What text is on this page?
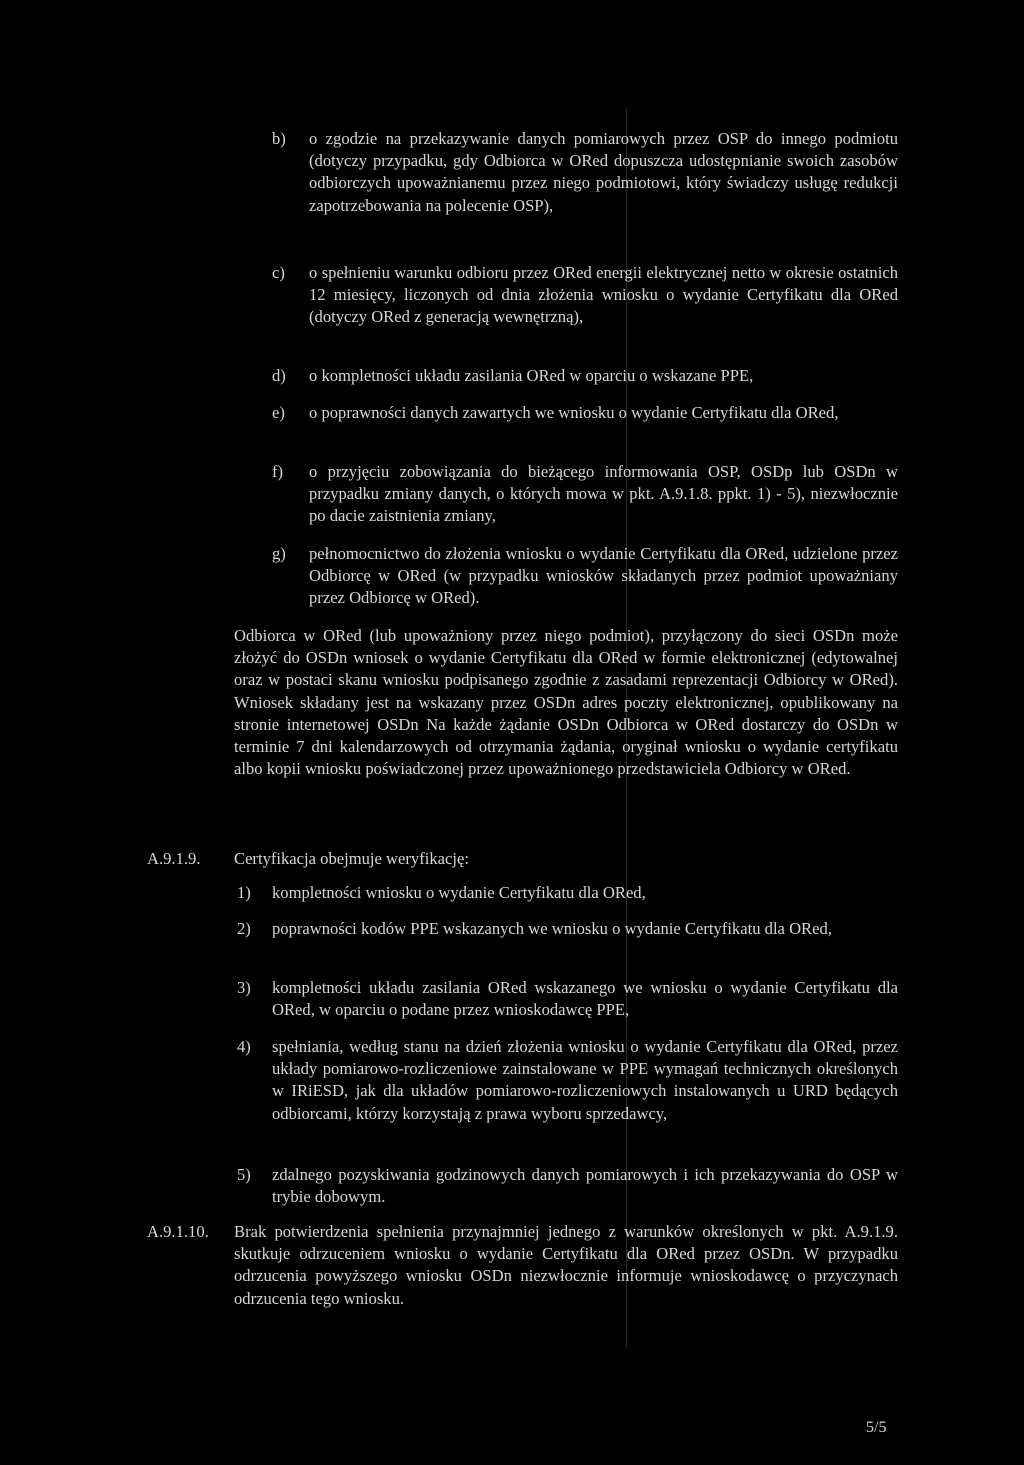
b) o zgodzie na przekazywanie danych pomiarowych przez OSP do innego podmiotu (dotyczy przypadku, gdy Odbiorca w ORed dopuszcza udostępnianie swoich zasobów odbiorczych upoważnianemu przez niego podmiotowi, który świadczy usługę redukcji zapotrzebowania na polecenie OSP),
c) o spełnieniu warunku odbioru przez ORed energii elektrycznej netto w okresie ostatnich 12 miesięcy, liczonych od dnia złożenia wniosku o wydanie Certyfikatu dla ORed (dotyczy ORed z generacją wewnętrzną),
d) o kompletności układu zasilania ORed w oparciu o wskazane PPE,
e) o poprawności danych zawartych we wniosku o wydanie Certyfikatu dla ORed,
f) o przyjęciu zobowiązania do bieżącego informowania OSP, OSDp lub OSDn w przypadku zmiany danych, o których mowa w pkt. A.9.1.8. ppkt. 1) - 5), niezwłocznie po dacie zaistnienia zmiany,
g) pełnomocnictwo do złożenia wniosku o wydanie Certyfikatu dla ORed, udzielone przez Odbiorcę w ORed (w przypadku wniosków składanych przez podmiot upoważniany przez Odbiorcę w ORed).
Odbiorca w ORed (lub upoważniony przez niego podmiot), przyłączony do sieci OSDn może złożyć do OSDn wniosek o wydanie Certyfikatu dla ORed w formie elektronicznej (edytowalnej oraz w postaci skanu wniosku podpisanego zgodnie z zasadami reprezentacji Odbiorcy w ORed). Wniosek składany jest na wskazany przez OSDn adres poczty elektronicznej, opublikowany na stronie internetowej OSDn Na każde żądanie OSDn Odbiorca w ORed dostarczy do OSDn w terminie 7 dni kalendarzowych od otrzymania żądania, oryginał wniosku o wydanie certyfikatu albo kopii wniosku poświadczonej przez upoważnionego przedstawiciela Odbiorcy w ORed.
A.9.1.9. Certyfikacja obejmuje weryfikację:
1) kompletności wniosku o wydanie Certyfikatu dla ORed,
2) poprawności kodów PPE wskazanych we wniosku o wydanie Certyfikatu dla ORed,
3) kompletności układu zasilania ORed wskazanego we wniosku o wydanie Certyfikatu dla ORed, w oparciu o podane przez wnioskodawcę PPE,
4) spełniania, według stanu na dzień złożenia wniosku o wydanie Certyfikatu dla ORed, przez układy pomiarowo-rozliczeniowe zainstalowane w PPE wymagań technicznych określonych w IRiESD, jak dla układów pomiarowo-rozliczeniowych instalowanych u URD będących odbiorcami, którzy korzystają z prawa wyboru sprzedawcy,
5) zdalnego pozyskiwania godzinowych danych pomiarowych i ich przekazywania do OSP w trybie dobowym.
A.9.1.10. Brak potwierdzenia spełnienia przynajmniej jednego z warunków określonych w pkt. A.9.1.9. skutkuje odrzuceniem wniosku o wydanie Certyfikatu dla ORed przez OSDn. W przypadku odrzucenia powyższego wniosku OSDn niezwłocznie informuje wnioskodawcę o przyczynach odrzucenia tego wniosku.
5/5
